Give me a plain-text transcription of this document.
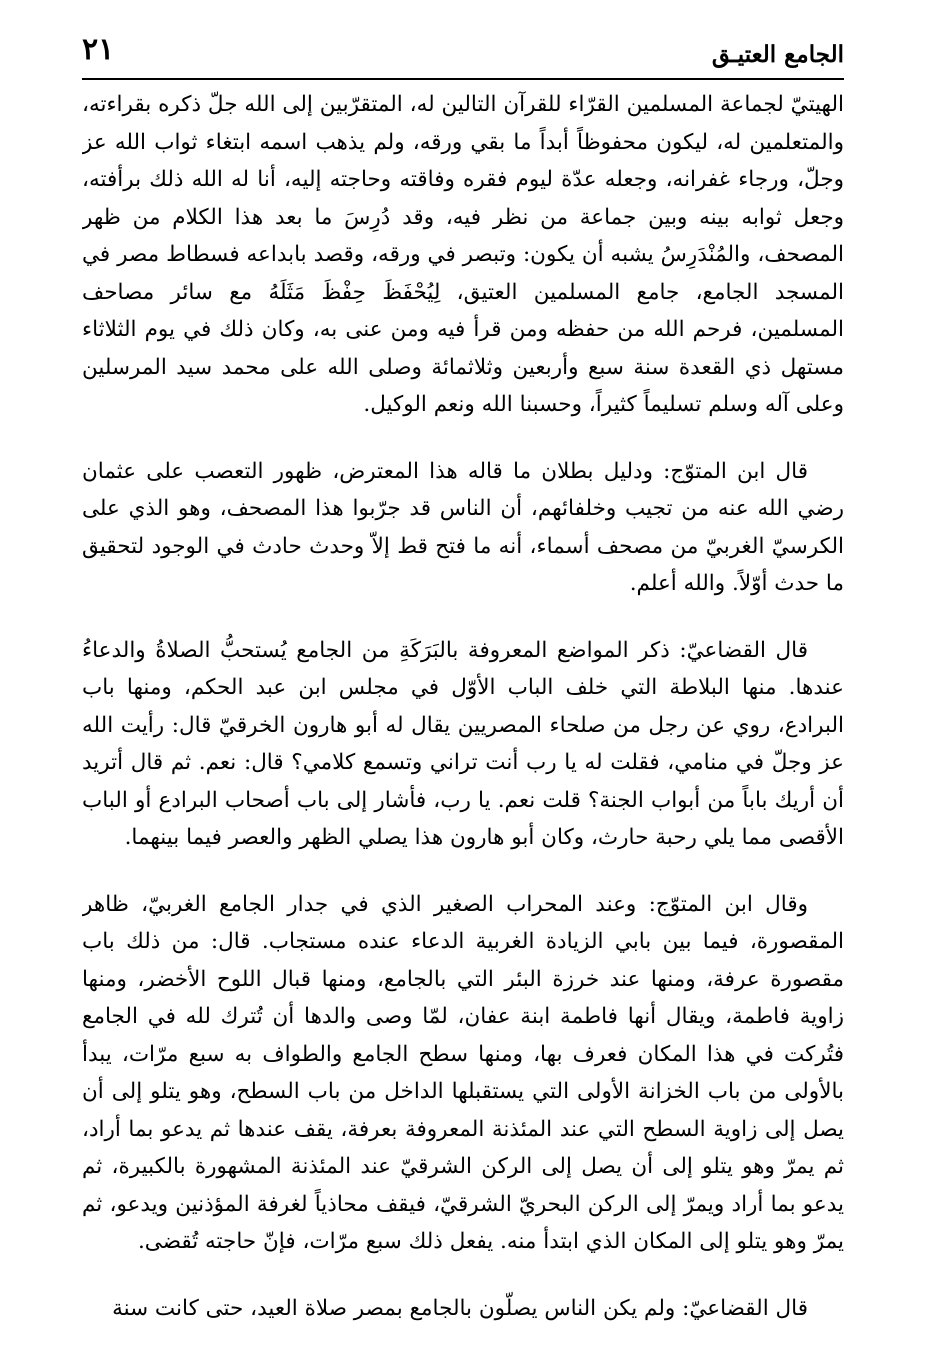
٢١	الجامع العتيـق

الهيتيّ لجماعة المسلمين القرّاء للقرآن التالين له، المتقرّبين إلى الله جلّ ذكره بقراءته، والمتعلمين له، ليكون محفوظاً أبداً ما بقي ورقه، ولم يذهب اسمه ابتغاء ثواب الله عز وجلّ، ورجاء غفرانه، وجعله عدّة ليوم فقره وفاقته وحاجته إليه، أنا له الله ذلك برأفته، وجعل ثوابه بينه وبين جماعة من نظر فيه، وقد دُرِسَ ما بعد هذا الكلام من ظهر المصحف، والمُنْدَرِسُ يشبه أن يكون: وتبصر في ورقه، وقصد بابداعه فسطاط مصر في المسجد الجامع، جامع المسلمين العتيق، لِيُحْفَظَ حِفْظَ مَثَلَهُ مع سائر مصاحف المسلمين، فرحم الله من حفظه ومن قرأ فيه ومن عنى به، وكان ذلك في يوم الثلاثاء مستهل ذي القعدة سنة سبع وأربعين وثلاثمائة وصلى الله على محمد سيد المرسلين وعلى آله وسلم تسليماً كثيراً، وحسبنا الله ونعم الوكيل.

قال ابن المتوّج: ودليل بطلان ما قاله هذا المعترض، ظهور التعصب على عثمان رضي الله عنه من تجيب وخلفائهم، أن الناس قد جرّبوا هذا المصحف، وهو الذي على الكرسيّ الغربيّ من مصحف أسماء، أنه ما فتح قط إلاّ وحدث حادث في الوجود لتحقيق ما حدث أوّلاً. والله أعلم.

قال القضاعيّ: ذكر المواضع المعروفة بالبَرَكَةِ من الجامع يُستحبُّ الصلاةُ والدعاءُ عندها. منها البلاطة التي خلف الباب الأوّل في مجلس ابن عبد الحكم، ومنها باب البرادع، روي عن رجل من صلحاء المصريين يقال له أبو هارون الخرقيّ قال: رأيت الله عز وجلّ في منامي، فقلت له يا رب أنت تراني وتسمع كلامي؟ قال: نعم. ثم قال أتريد أن أريك باباً من أبواب الجنة؟ قلت نعم. يا رب، فأشار إلى باب أصحاب البرادع أو الباب الأقصى مما يلي رحبة حارث، وكان أبو هارون هذا يصلي الظهر والعصر فيما بينهما.

وقال ابن المتوّج: وعند المحراب الصغير الذي في جدار الجامع الغربيّ، ظاهر المقصورة، فيما بين بابي الزيادة الغربية الدعاء عنده مستجاب. قال: من ذلك باب مقصورة عرفة، ومنها عند خرزة البئر التي بالجامع، ومنها قبال اللوح الأخضر، ومنها زاوية فاطمة، ويقال أنها فاطمة ابنة عفان، لمّا وصى والدها أن تُترك لله في الجامع فتُركت في هذا المكان فعرف بها، ومنها سطح الجامع والطواف به سبع مرّات، يبدأ بالأولى من باب الخزانة الأولى التي يستقبلها الداخل من باب السطح، وهو يتلو إلى أن يصل إلى زاوية السطح التي عند المئذنة المعروفة بعرفة، يقف عندها ثم يدعو بما أراد، ثم يمرّ وهو يتلو إلى أن يصل إلى الركن الشرقيّ عند المئذنة المشهورة بالكبيرة، ثم يدعو بما أراد ويمرّ إلى الركن البحريّ الشرقيّ، فيقف محاذياً لغرفة المؤذنين ويدعو، ثم يمرّ وهو يتلو إلى المكان الذي ابتدأ منه. يفعل ذلك سبع مرّات، فإنّ حاجته تُقضى.

قال القضاعيّ: ولم يكن الناس يصلّون بالجامع بمصر صلاة العيد، حتى كانت سنة
